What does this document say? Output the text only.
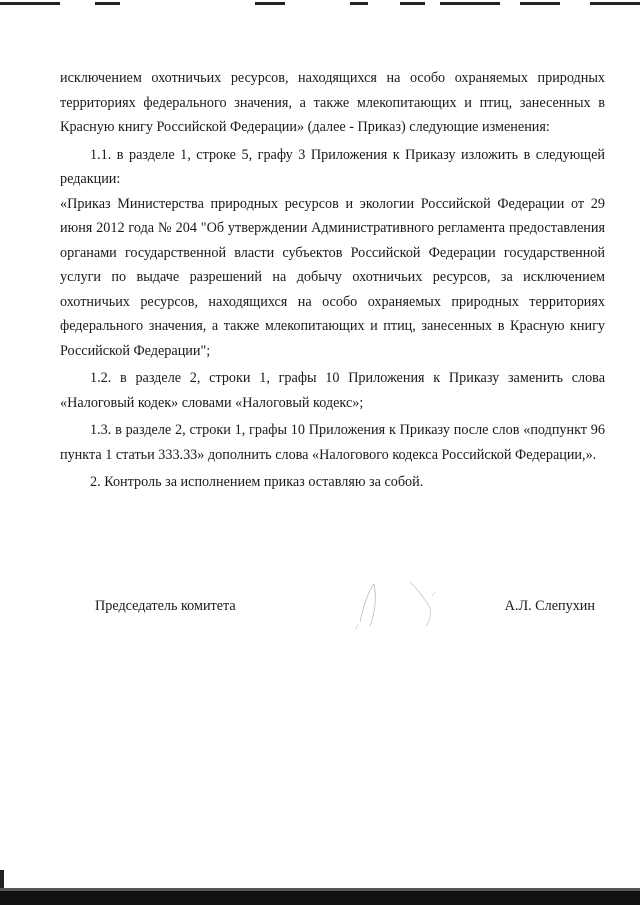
исключением охотничьих ресурсов, находящихся на особо охраняемых природных территориях федерального значения, а также млекопитающих и птиц, занесенных в Красную книгу Российской Федерации» (далее - Приказ) следующие изменения:

1.1. в разделе 1, строке 5, графу 3 Приложения к Приказу изложить в следующей редакции:

«Приказ Министерства природных ресурсов и экологии Российской Федерации от 29 июня 2012 года № 204 "Об утверждении Административного регламента предоставления органами государственной власти субъектов Российской Федерации государственной услуги по выдаче разрешений на добычу охотничьих ресурсов, за исключением охотничьих ресурсов, находящихся на особо охраняемых природных территориях федерального значения, а также млекопитающих и птиц, занесенных в Красную книгу Российской Федерации";

1.2. в разделе 2, строки 1, графы 10 Приложения к Приказу заменить слова «Налоговый кодек» словами «Налоговый кодекс»;

1.3. в разделе 2, строки 1, графы 10 Приложения к Приказу после слов «подпункт 96 пункта 1 статьи 333.33» дополнить слова «Налогового кодекса Российской Федерации,».

2. Контроль за исполнением приказ оставляю за собой.

Председатель комитета	А.Л. Слепухин
